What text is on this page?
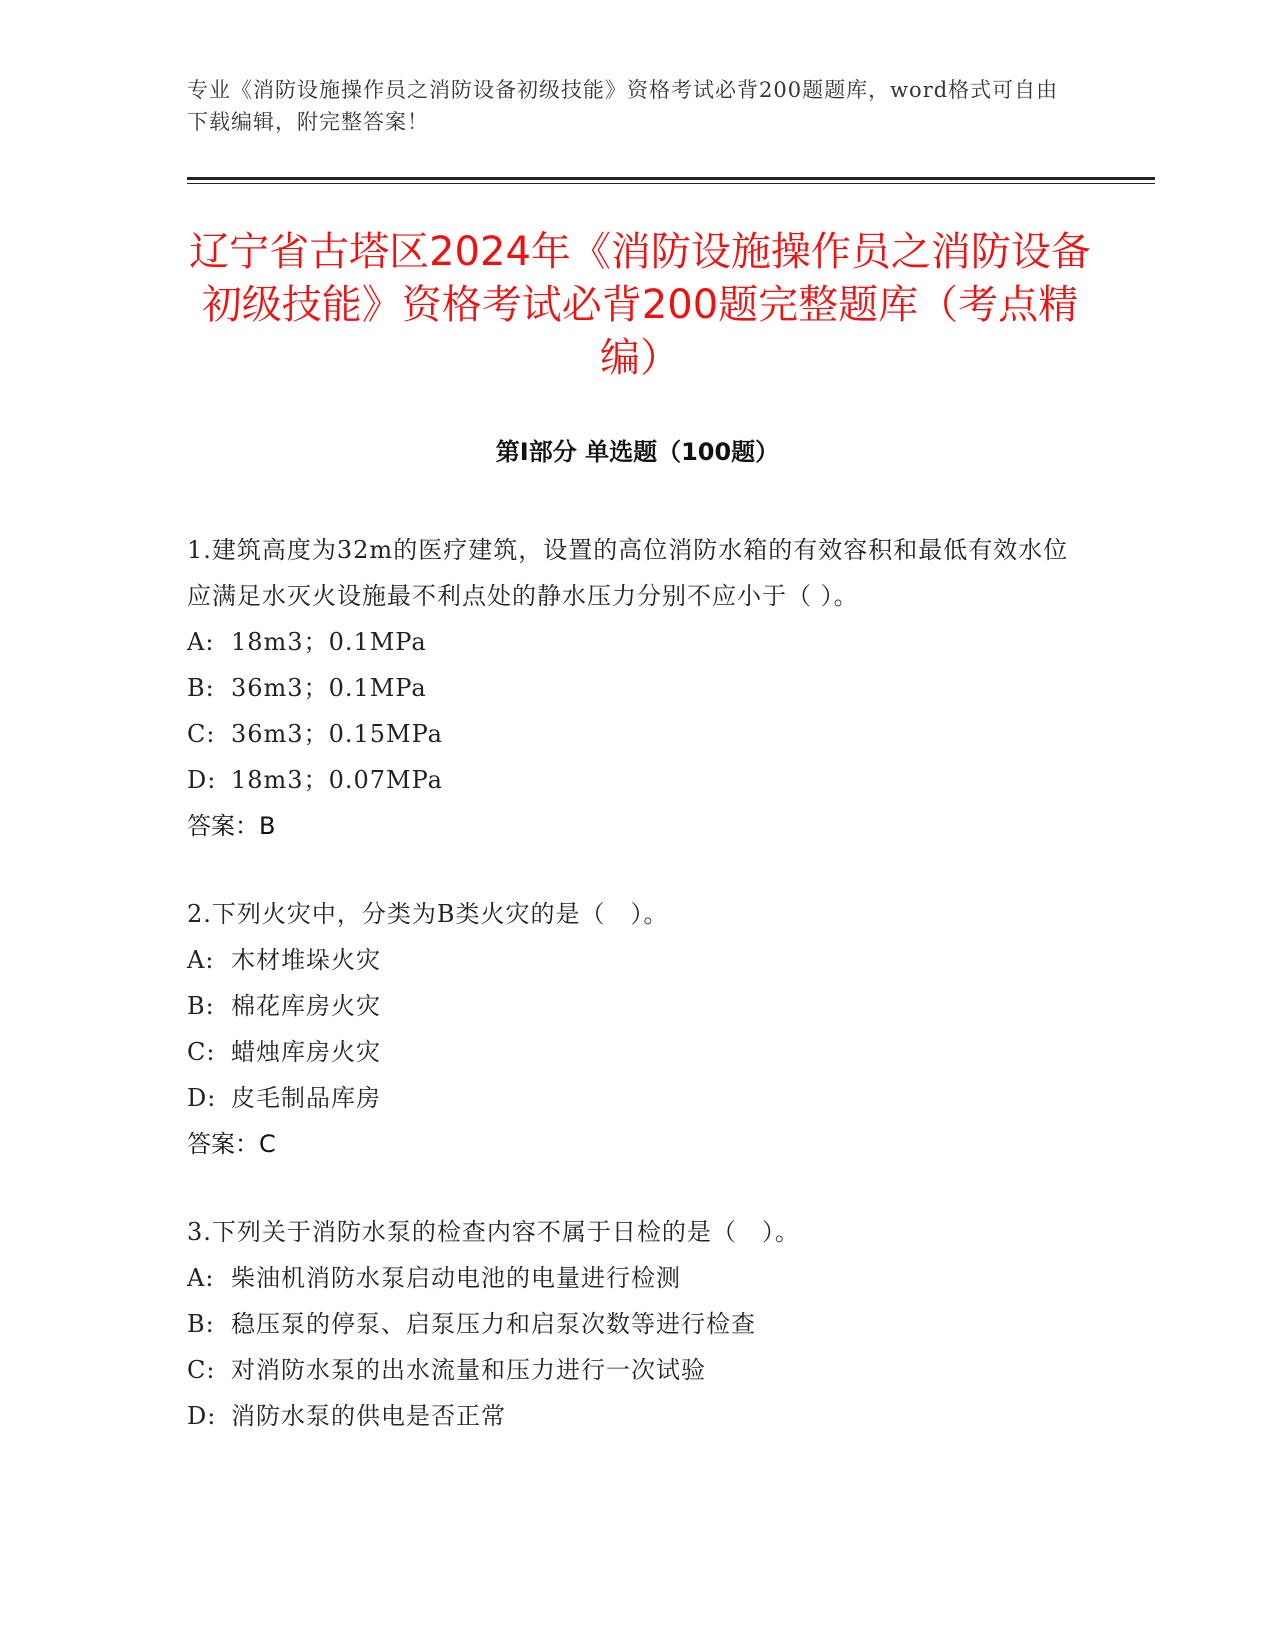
专业《消防设施操作员之消防设备初级技能》资格考试必背200题题库，word格式可自由下载编辑，附完整答案！
辽宁省古塔区2024年《消防设施操作员之消防设备初级技能》资格考试必背200题完整题库（考点精编）
第I部分 单选题（100题）
1.建筑高度为32m的医疗建筑，设置的高位消防水箱的有效容积和最低有效水位应满足水灭火设施最不利点处的静水压力分别不应小于（ ）。
A: 18m3；0.1MPa
B: 36m3；0.1MPa
C: 36m3；0.15MPa
D: 18m3；0.07MPa
答案：B
2.下列火灾中，分类为B类火灾的是（　）。
A: 木材堆垛火灾
B: 棉花库房火灾
C: 蜡烛库房火灾
D: 皮毛制品库房
答案：C
3.下列关于消防水泵的检查内容不属于日检的是（　）。
A: 柴油机消防水泵启动电池的电量进行检测
B: 稳压泵的停泵、启泵压力和启泵次数等进行检查
C: 对消防水泵的出水流量和压力进行一次试验
D: 消防水泵的供电是否正常
